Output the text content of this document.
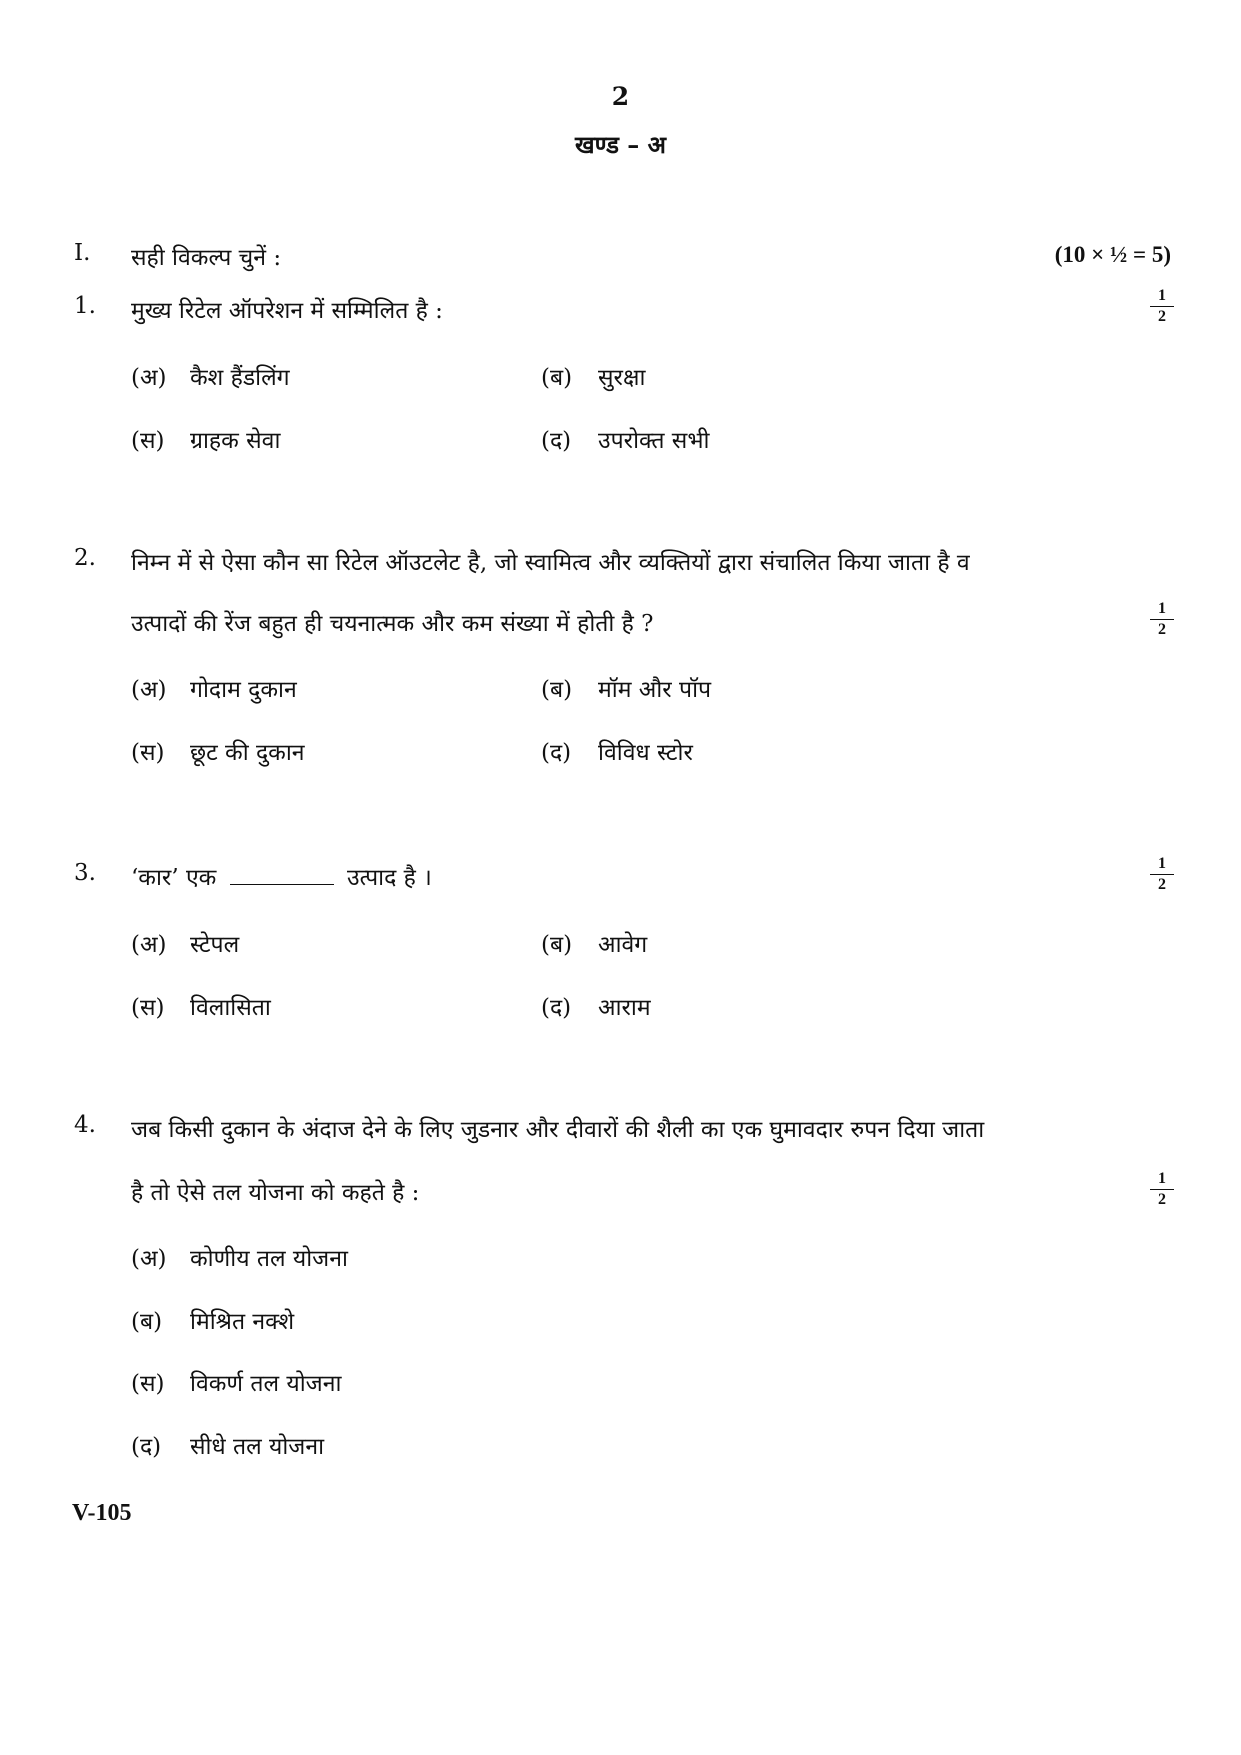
2
खण्ड – अ
I. सही विकल्प चुनें :	(10 × ½ = 5)
1. मुख्य रिटेल ऑपरेशन में सम्मिलित है :	$\frac{1}{2}$
(अ) कैश हैंडलिंग	(ब) सुरक्षा
(स) ग्राहक सेवा	(द) उपरोक्त सभी
2. निम्न में से ऐसा कौन सा रिटेल ऑउटलेट है, जो स्वामित्व और व्यक्तियों द्वारा संचालित किया जाता है व
उत्पादों की रेंज बहुत ही चयनात्मक और कम संख्या में होती है ?	$\frac{1}{2}$
(अ) गोदाम दुकान	(ब) मॉम और पॉप
(स) छूट की दुकान	(द) विविध स्टोर
3. ‘कार’ एक	उत्पाद है ।	$\frac{1}{2}$
(अ) स्टेपल	(ब) आवेग
(स) विलासिता	(द) आराम
4. जब किसी दुकान के अंदाज देने के लिए जुडनार और दीवारों की शैली का एक घुमावदार रुपन दिया जाता
है तो ऐसे तल योजना को कहते है :	$\frac{1}{2}$
(अ) कोणीय तल योजना
(ब) मिश्रित नक्शे
(स) विकर्ण तल योजना
(द) सीधे तल योजना
V-105
